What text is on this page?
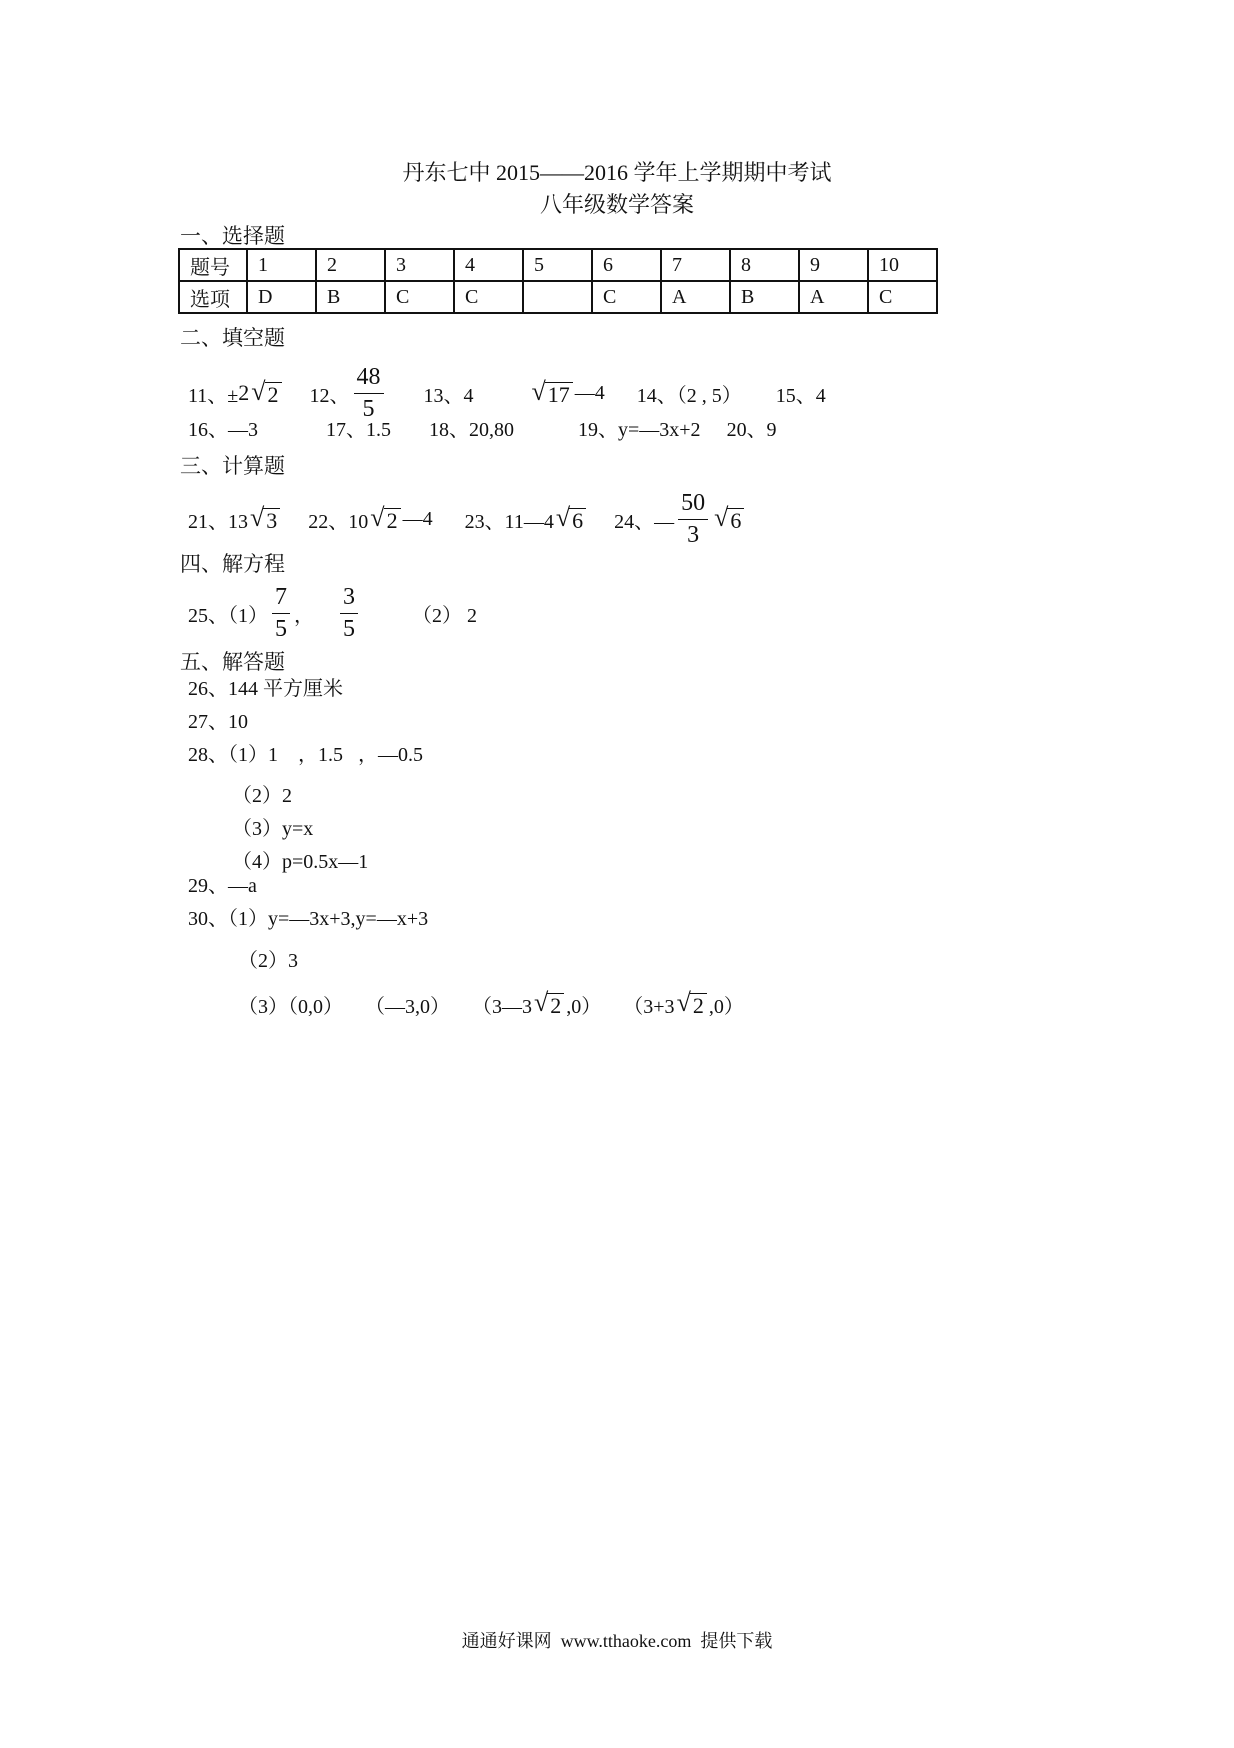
丹东七中 2015——2016 学年上学期期中考试
八年级数学答案
一、选择题
题号	1	2	3	4	5	6	7	8	9	10
选项	D	B	C	C		C	A	B	A	C
二、填空题
11、± 2 √ 2 12、 $\frac{48}{5} 13$、4 √ 17 —4 14、（2 , 5） 15、4
16、—3	17、1.5 18、20,80	19、y=—3x+2 20、9
三、计算题
21、13 √ 3 22、10 √ 2 —4 23、11—4 √ 6 24、— $\frac{50}{3}$ √ 6
四、解方程
25、$(1) \frac{7}{5}$ ， $\frac{3}{5}$	（2） 2
五、解答题
26、144 平方厘米
27、10
28、（1）1    ，1.5   ，—0.5
（2）2
（3）y=x
（4）p=0.5x—1
29、—a
30、（1）y=—3x+3,y=—x+3
（2）3
（3）（0,0） （—3,0） （3—3 √ 2 ,0） （3+3 √ 2 ,0）
通通好课网  www.tthaoke.com  提供下载
